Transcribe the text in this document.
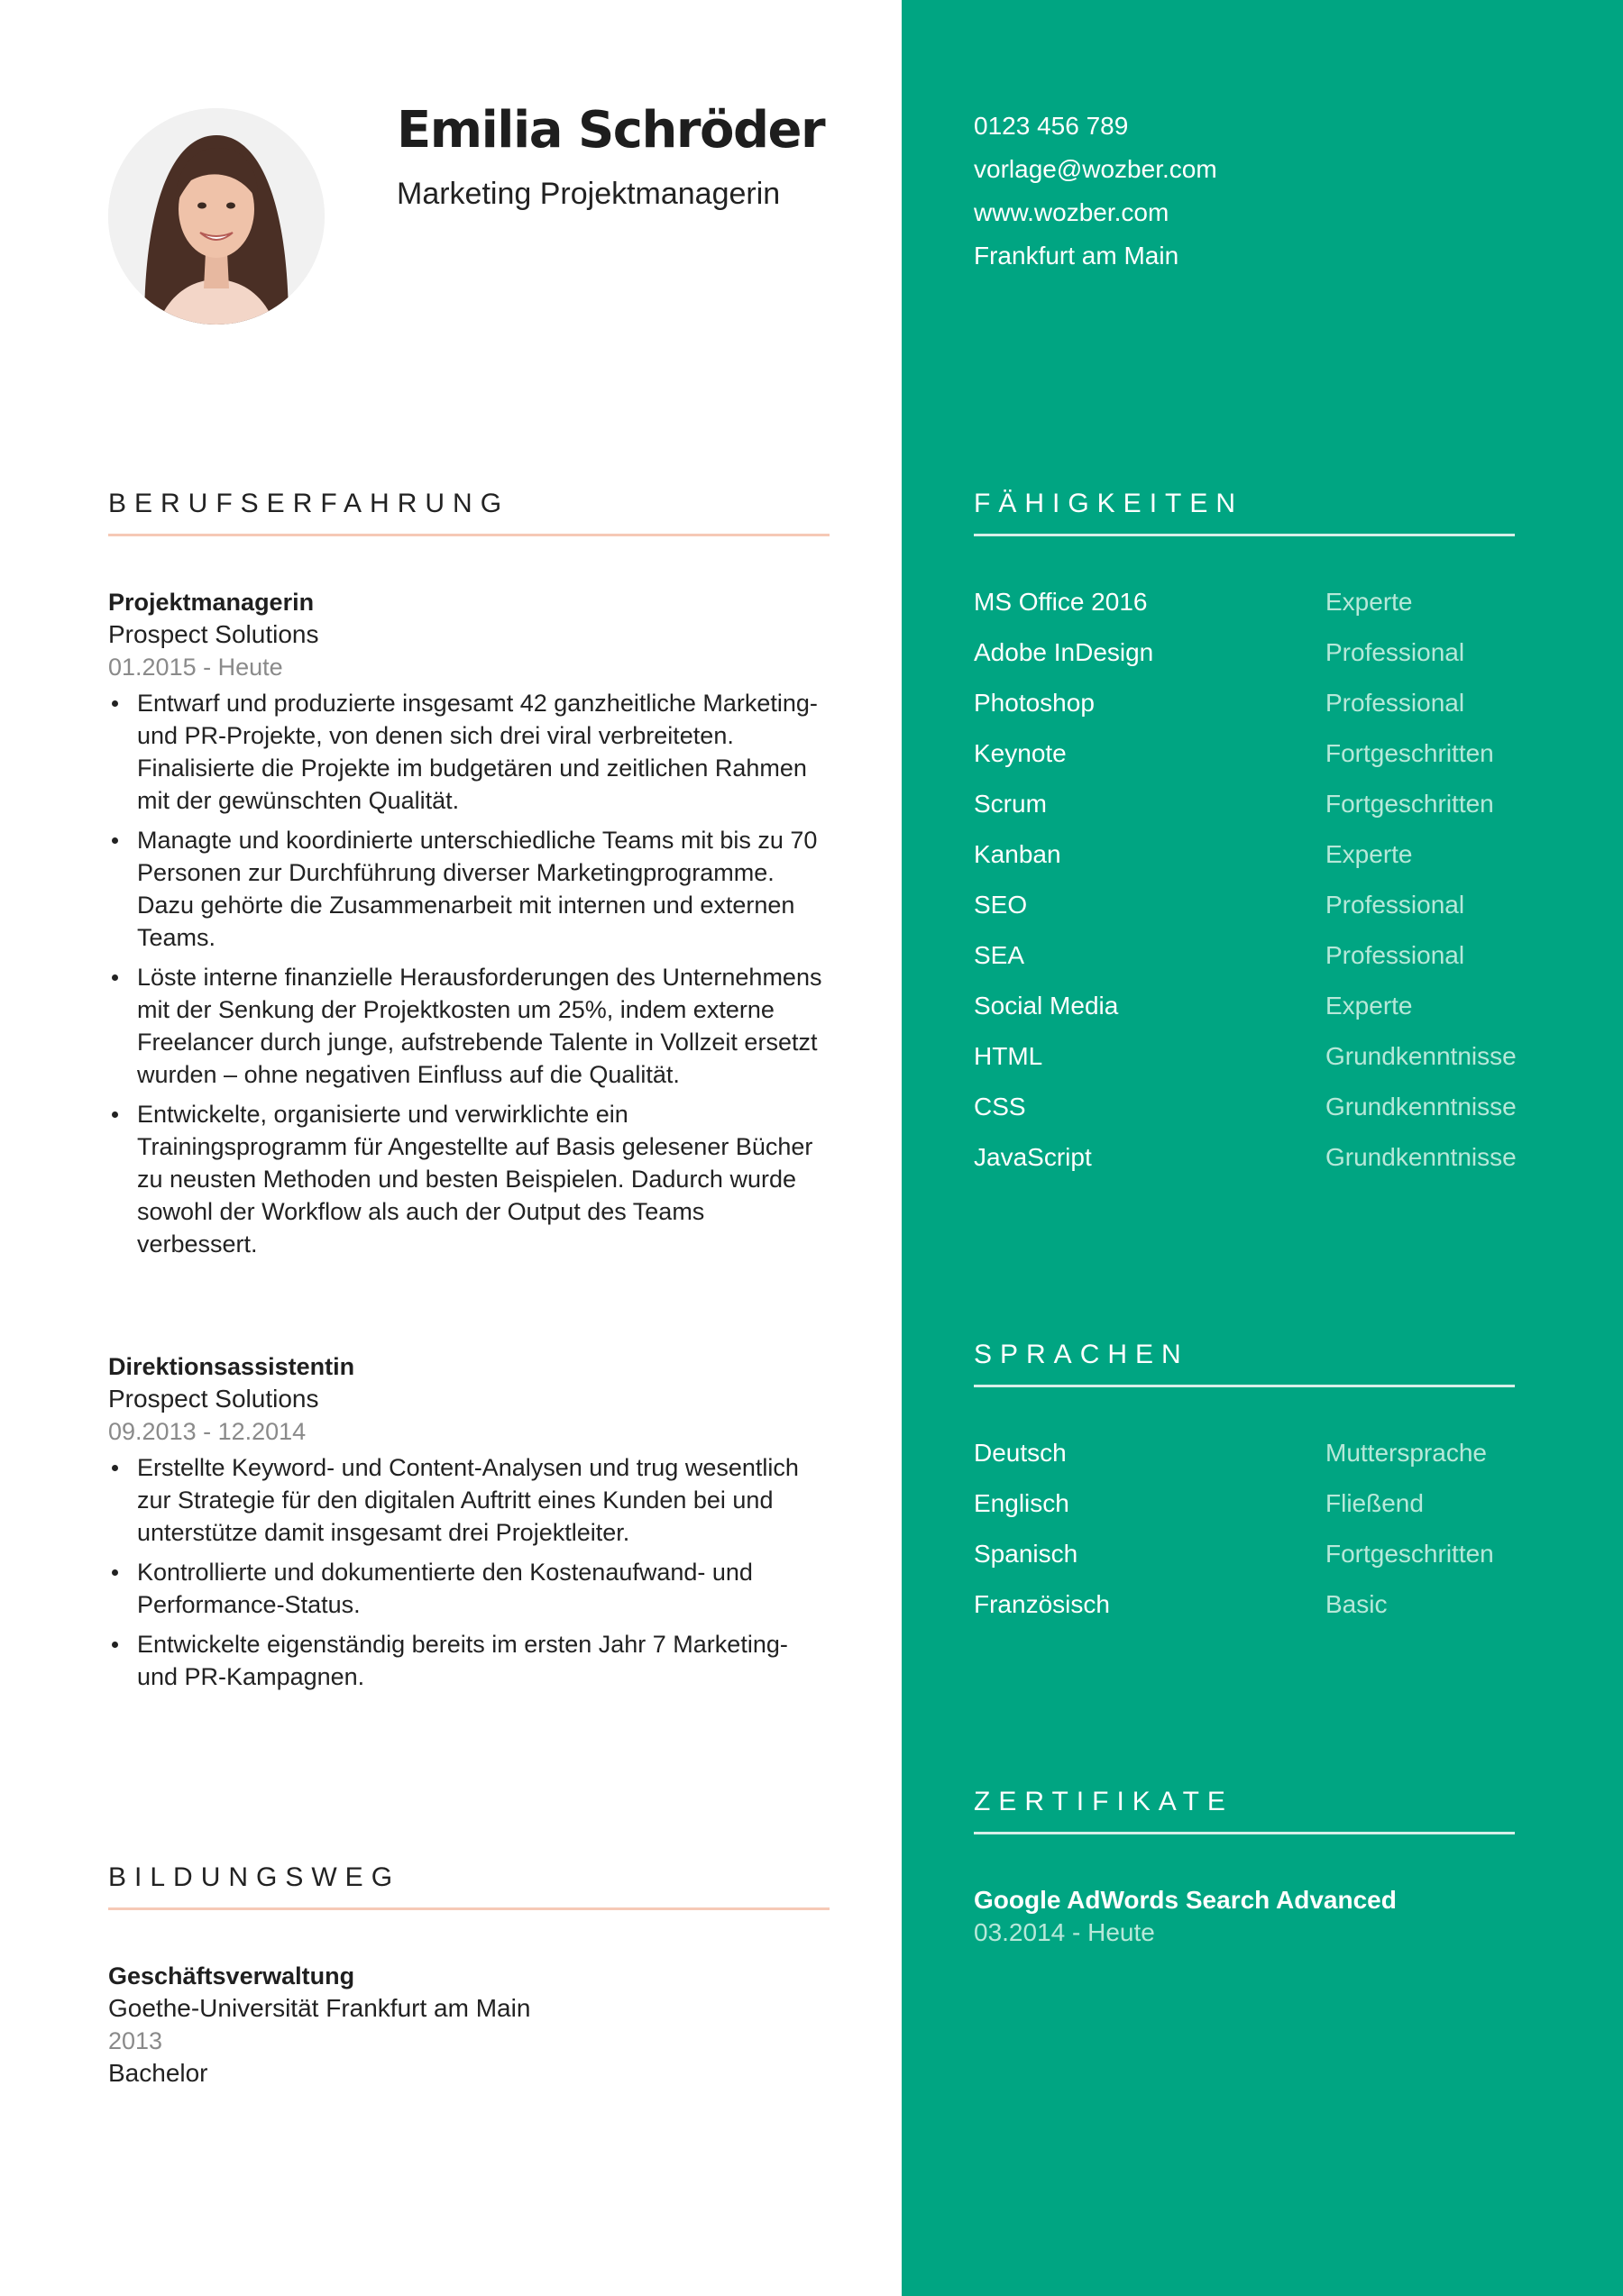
Emilia Schröder
Marketing Projektmanagerin
BERUFSERFAHRUNG
Projektmanagerin
Prospect Solutions
01.2015 - Heute
Entwarf und produzierte insgesamt 42 ganzheitliche Marketing- und PR-Projekte, von denen sich drei viral verbreiteten. Finalisierte die Projekte im budgetären und zeitlichen Rahmen mit der gewünschten Qualität.
Managte und koordinierte unterschiedliche Teams mit bis zu 70 Personen zur Durchführung diverser Marketingprogramme. Dazu gehörte die Zusammenarbeit mit internen und externen Teams.
Löste interne finanzielle Herausforderungen des Unternehmens mit der Senkung der Projektkosten um 25%, indem externe Freelancer durch junge, aufstrebende Talente in Vollzeit ersetzt wurden – ohne negativen Einfluss auf die Qualität.
Entwickelte, organisierte und verwirklichte ein Trainingsprogramm für Angestellte auf Basis gelesener Bücher zu neusten Methoden und besten Beispielen. Dadurch wurde sowohl der Workflow als auch der Output des Teams verbessert.
Direktionsassistentin
Prospect Solutions
09.2013 - 12.2014
Erstellte Keyword- und Content-Analysen und trug wesentlich zur Strategie für den digitalen Auftritt eines Kunden bei und unterstütze damit insgesamt drei Projektleiter.
Kontrollierte und dokumentierte den Kostenaufwand- und Performance-Status.
Entwickelte eigenständig bereits im ersten Jahr 7 Marketing- und PR-Kampagnen.
BILDUNGSWEG
Geschäftsverwaltung
Goethe-Universität Frankfurt am Main
2013
Bachelor
0123 456 789
vorlage@wozber.com
www.wozber.com
Frankfurt am Main
FÄHIGKEITEN
MS Office 2016	Experte
Adobe InDesign	Professional
Photoshop	Professional
Keynote	Fortgeschritten
Scrum	Fortgeschritten
Kanban	Experte
SEO	Professional
SEA	Professional
Social Media	Experte
HTML	Grundkenntnisse
CSS	Grundkenntnisse
JavaScript	Grundkenntnisse
SPRACHEN
Deutsch	Muttersprache
Englisch	Fließend
Spanisch	Fortgeschritten
Französisch	Basic
ZERTIFIKATE
Google AdWords Search Advanced
03.2014 - Heute
